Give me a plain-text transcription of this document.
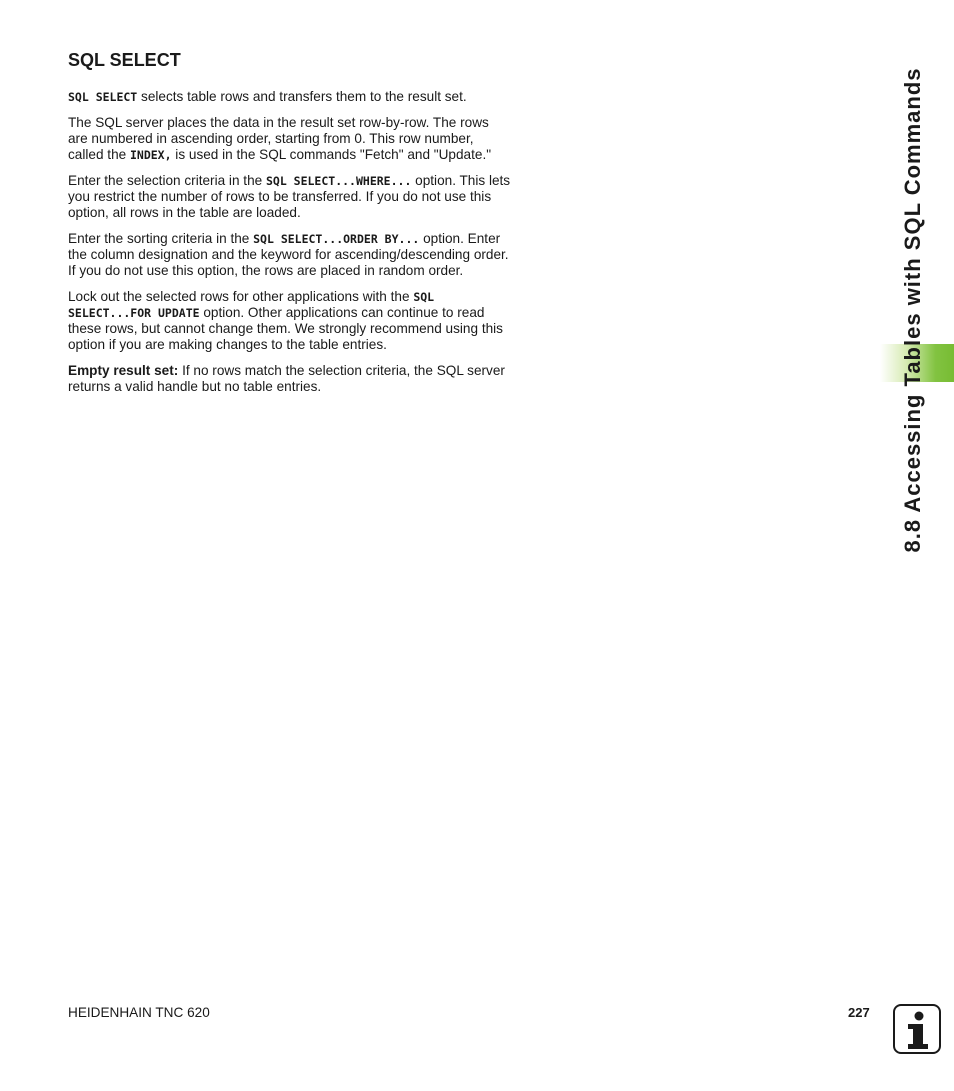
SQL SELECT

SQL SELECT selects table rows and transfers them to the result set.

The SQL server places the data in the result set row-by-row. The rows are numbered in ascending order, starting from 0. This row number, called the INDEX, is used in the SQL commands "Fetch" and "Update."

Enter the selection criteria in the SQL SELECT...WHERE... option. This lets you restrict the number of rows to be transferred. If you do not use this option, all rows in the table are loaded.

Enter the sorting criteria in the SQL SELECT...ORDER BY... option. Enter the column designation and the keyword for ascending/descending order. If you do not use this option, the rows are placed in random order.

Lock out the selected rows for other applications with the SQL SELECT...FOR UPDATE option. Other applications can continue to read these rows, but cannot change them. We strongly recommend using this option if you are making changes to the table entries.

Empty result set: If no rows match the selection criteria, the SQL server returns a valid handle but no table entries.	8.8 Accessing Tables with SQL Commands
HEIDENHAIN TNC 620	227
